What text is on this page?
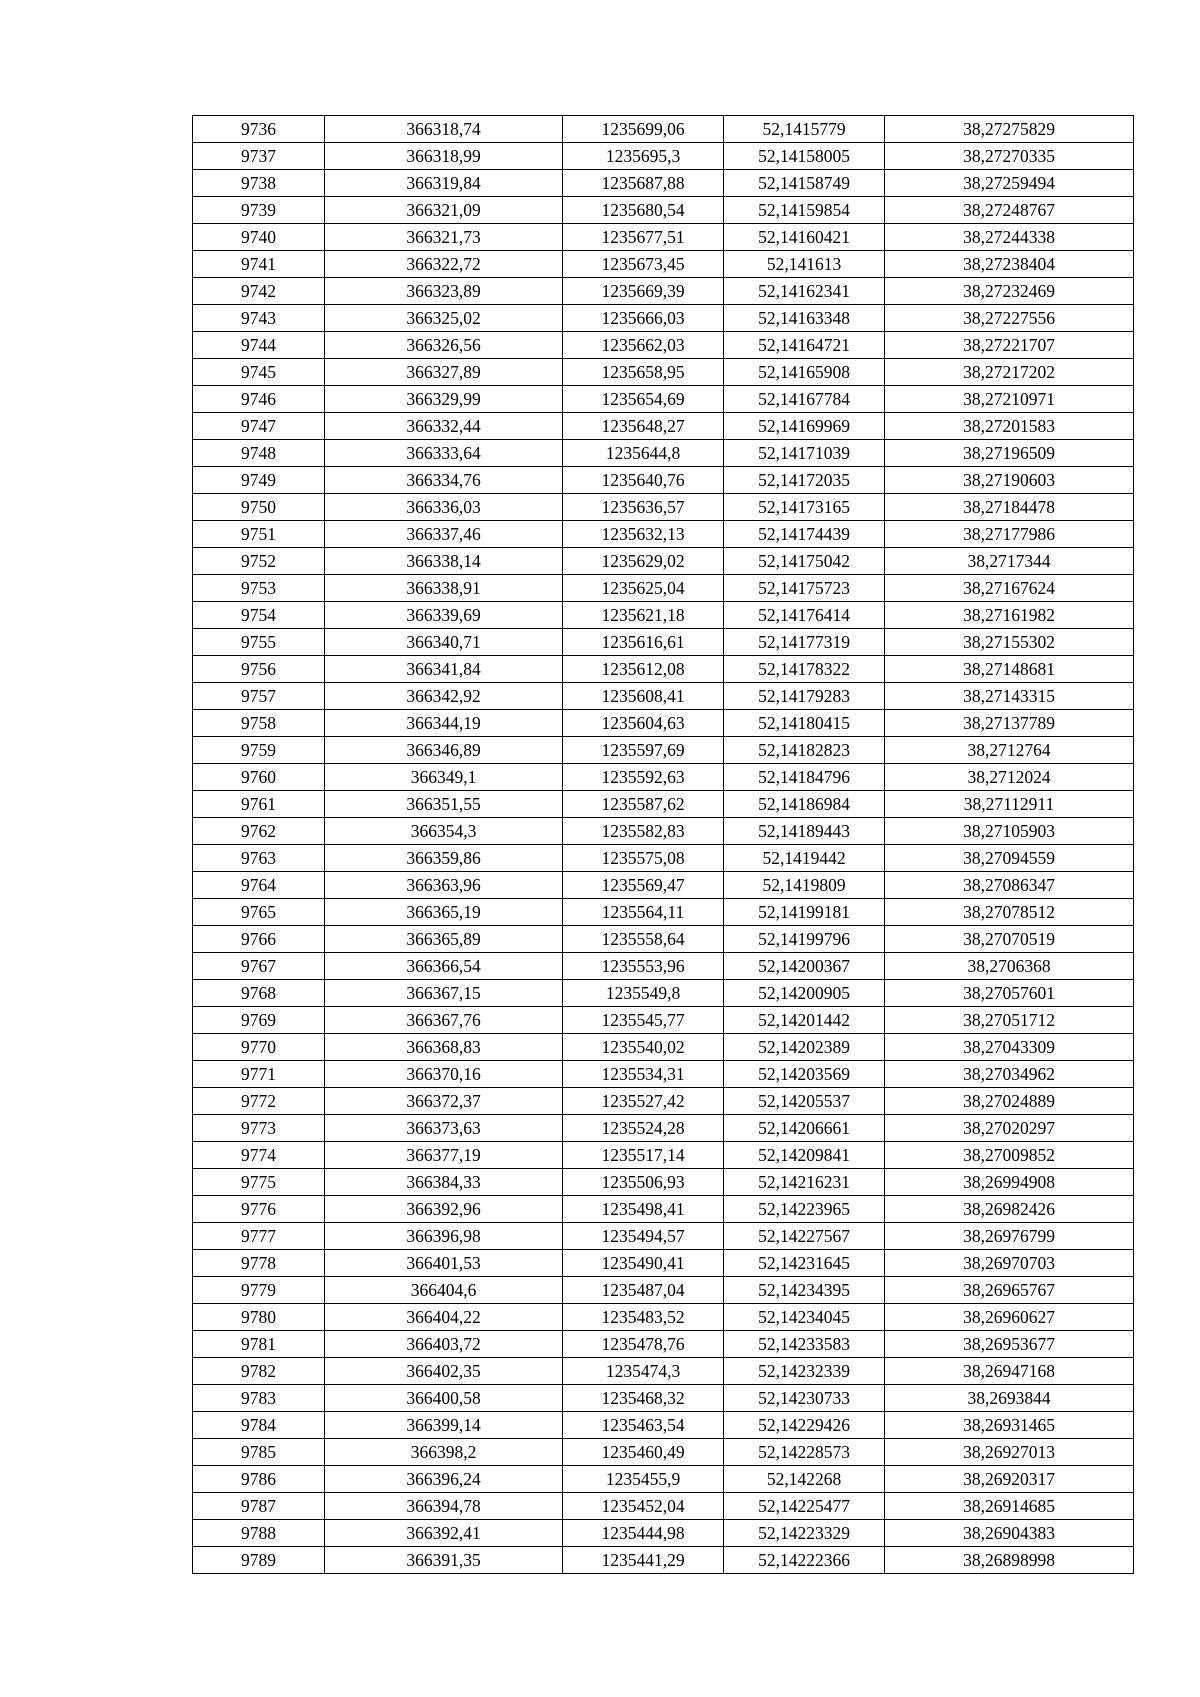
9736	366318,74	1235699,06	52,1415779	38,27275829
9737	366318,99	1235695,3	52,14158005	38,27270335
9738	366319,84	1235687,88	52,14158749	38,27259494
9739	366321,09	1235680,54	52,14159854	38,27248767
9740	366321,73	1235677,51	52,14160421	38,27244338
9741	366322,72	1235673,45	52,141613	38,27238404
9742	366323,89	1235669,39	52,14162341	38,27232469
9743	366325,02	1235666,03	52,14163348	38,27227556
9744	366326,56	1235662,03	52,14164721	38,27221707
9745	366327,89	1235658,95	52,14165908	38,27217202
9746	366329,99	1235654,69	52,14167784	38,27210971
9747	366332,44	1235648,27	52,14169969	38,27201583
9748	366333,64	1235644,8	52,14171039	38,27196509
9749	366334,76	1235640,76	52,14172035	38,27190603
9750	366336,03	1235636,57	52,14173165	38,27184478
9751	366337,46	1235632,13	52,14174439	38,27177986
9752	366338,14	1235629,02	52,14175042	38,2717344
9753	366338,91	1235625,04	52,14175723	38,27167624
9754	366339,69	1235621,18	52,14176414	38,27161982
9755	366340,71	1235616,61	52,14177319	38,27155302
9756	366341,84	1235612,08	52,14178322	38,27148681
9757	366342,92	1235608,41	52,14179283	38,27143315
9758	366344,19	1235604,63	52,14180415	38,27137789
9759	366346,89	1235597,69	52,14182823	38,2712764
9760	366349,1	1235592,63	52,14184796	38,2712024
9761	366351,55	1235587,62	52,14186984	38,27112911
9762	366354,3	1235582,83	52,14189443	38,27105903
9763	366359,86	1235575,08	52,1419442	38,27094559
9764	366363,96	1235569,47	52,1419809	38,27086347
9765	366365,19	1235564,11	52,14199181	38,27078512
9766	366365,89	1235558,64	52,14199796	38,27070519
9767	366366,54	1235553,96	52,14200367	38,2706368
9768	366367,15	1235549,8	52,14200905	38,27057601
9769	366367,76	1235545,77	52,14201442	38,27051712
9770	366368,83	1235540,02	52,14202389	38,27043309
9771	366370,16	1235534,31	52,14203569	38,27034962
9772	366372,37	1235527,42	52,14205537	38,27024889
9773	366373,63	1235524,28	52,14206661	38,27020297
9774	366377,19	1235517,14	52,14209841	38,27009852
9775	366384,33	1235506,93	52,14216231	38,26994908
9776	366392,96	1235498,41	52,14223965	38,26982426
9777	366396,98	1235494,57	52,14227567	38,26976799
9778	366401,53	1235490,41	52,14231645	38,26970703
9779	366404,6	1235487,04	52,14234395	38,26965767
9780	366404,22	1235483,52	52,14234045	38,26960627
9781	366403,72	1235478,76	52,14233583	38,26953677
9782	366402,35	1235474,3	52,14232339	38,26947168
9783	366400,58	1235468,32	52,14230733	38,2693844
9784	366399,14	1235463,54	52,14229426	38,26931465
9785	366398,2	1235460,49	52,14228573	38,26927013
9786	366396,24	1235455,9	52,142268	38,26920317
9787	366394,78	1235452,04	52,14225477	38,26914685
9788	366392,41	1235444,98	52,14223329	38,26904383
9789	366391,35	1235441,29	52,14222366	38,26898998
